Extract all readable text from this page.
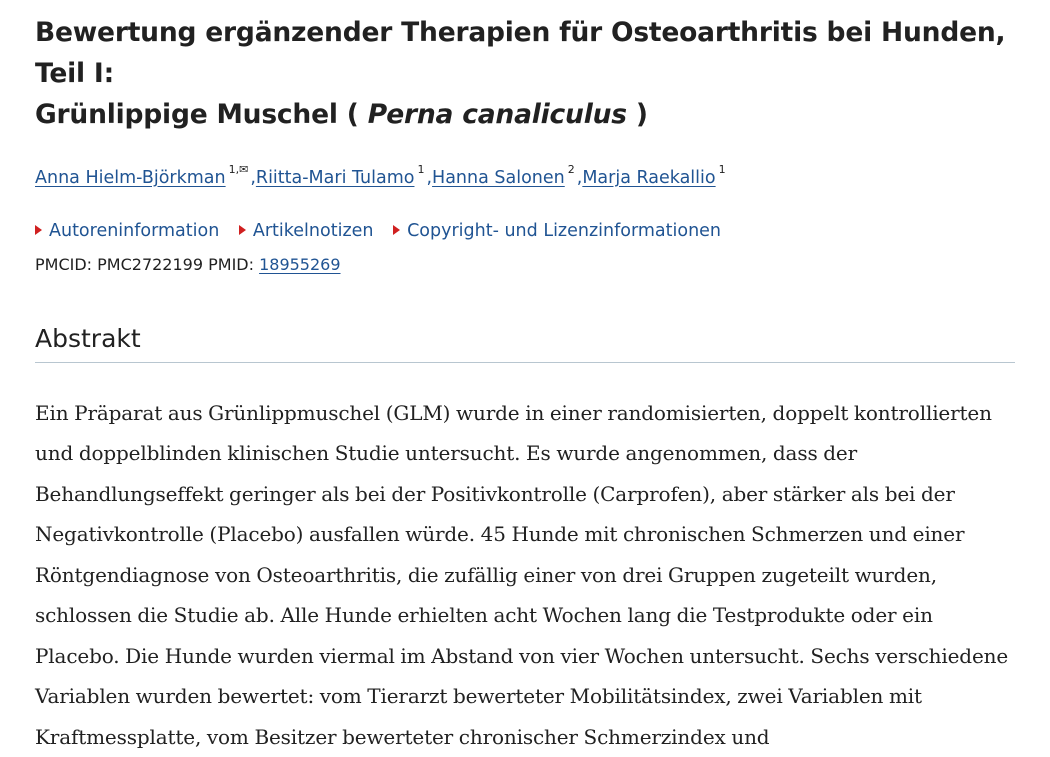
Bewertung ergänzender Therapien für Osteoarthritis bei Hunden, Teil I:
Grünlippige Muschel ( Perna canaliculus )
Anna Hielm-Björkman $^{1,✉}$ ,Riitta-Mari Tulamo $^1$ ,Hanna Salonen $^2$ ,Marja Raekallio $^1$
Autoreninformation Artikelnotizen Copyright- und Lizenzinformationen
PMCID: PMC2722199 PMID: 18955269
Abstrakt

Ein Präparat aus Grünlippmuschel (GLM) wurde in einer randomisierten, doppelt kontrollierten und doppelblinden klinischen Studie untersucht. Es wurde angenommen, dass der Behandlungseffekt geringer als bei der Positivkontrolle (Carprofen), aber stärker als bei der Negativkontrolle (Placebo) ausfallen würde. 45 Hunde mit chronischen Schmerzen und einer Röntgendiagnose von Osteoarthritis, die zufällig einer von drei Gruppen zugeteilt wurden, schlossen die Studie ab. Alle Hunde erhielten acht Wochen lang die Testprodukte oder ein Placebo. Die Hunde wurden viermal im Abstand von vier Wochen untersucht. Sechs verschiedene Variablen wurden bewertet: vom Tierarzt bewerteter Mobilitätsindex, zwei Variablen mit Kraftmessplatte, vom Besitzer bewerteter chronischer Schmerzindex und
